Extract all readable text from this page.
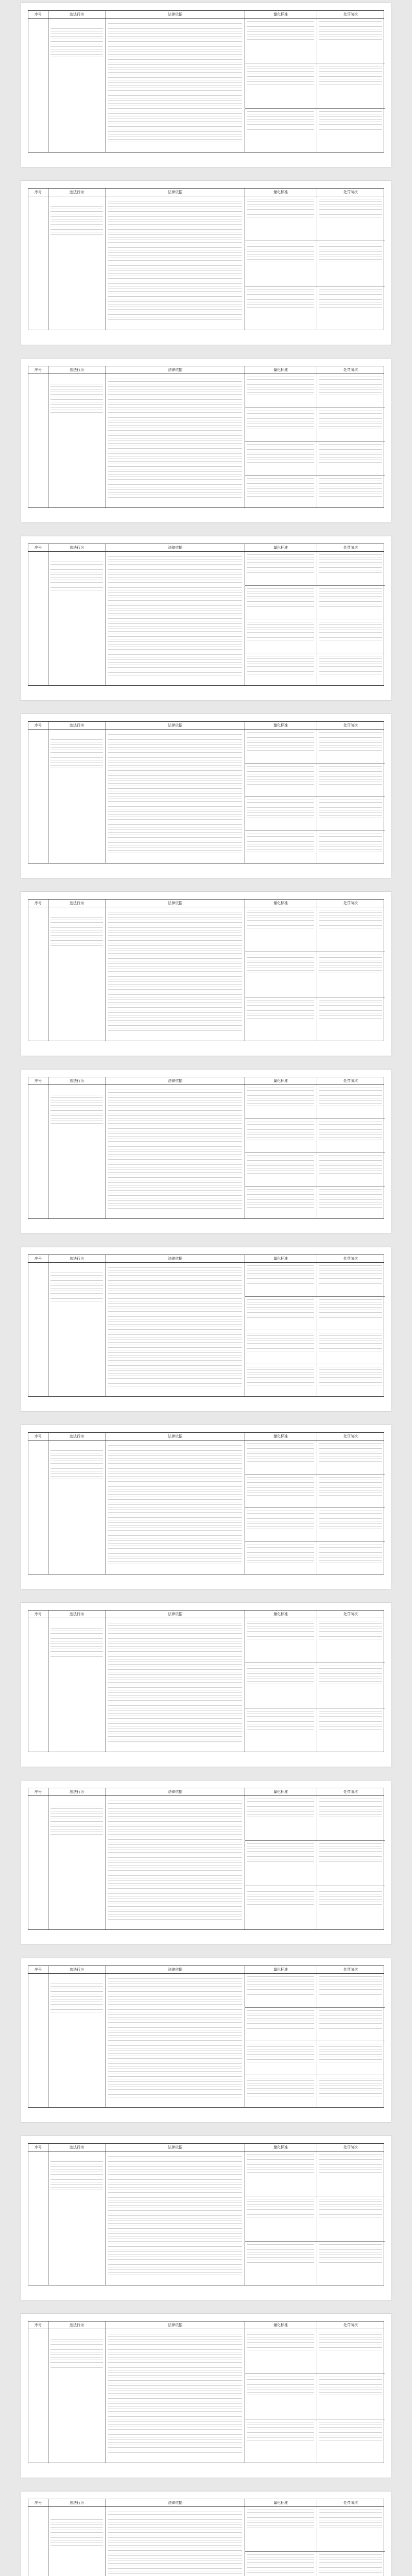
序号	违法行为	法律依据	量化标准	处罚阶次
序号	违法行为	法律依据	量化标准	处罚阶次
序号	违法行为	法律依据	量化标准	处罚阶次
序号	违法行为	法律依据	量化标准	处罚阶次
序号	违法行为	法律依据	量化标准	处罚阶次
序号	违法行为	法律依据	量化标准	处罚阶次
序号	违法行为	法律依据	量化标准	处罚阶次
序号	违法行为	法律依据	量化标准	处罚阶次
序号	违法行为	法律依据	量化标准	处罚阶次
序号	违法行为	法律依据	量化标准	处罚阶次
序号	违法行为	法律依据	量化标准	处罚阶次
序号	违法行为	法律依据	量化标准	处罚阶次
序号	违法行为	法律依据	量化标准	处罚阶次
序号	违法行为	法律依据	量化标准	处罚阶次
序号	违法行为	法律依据	量化标准	处罚阶次
